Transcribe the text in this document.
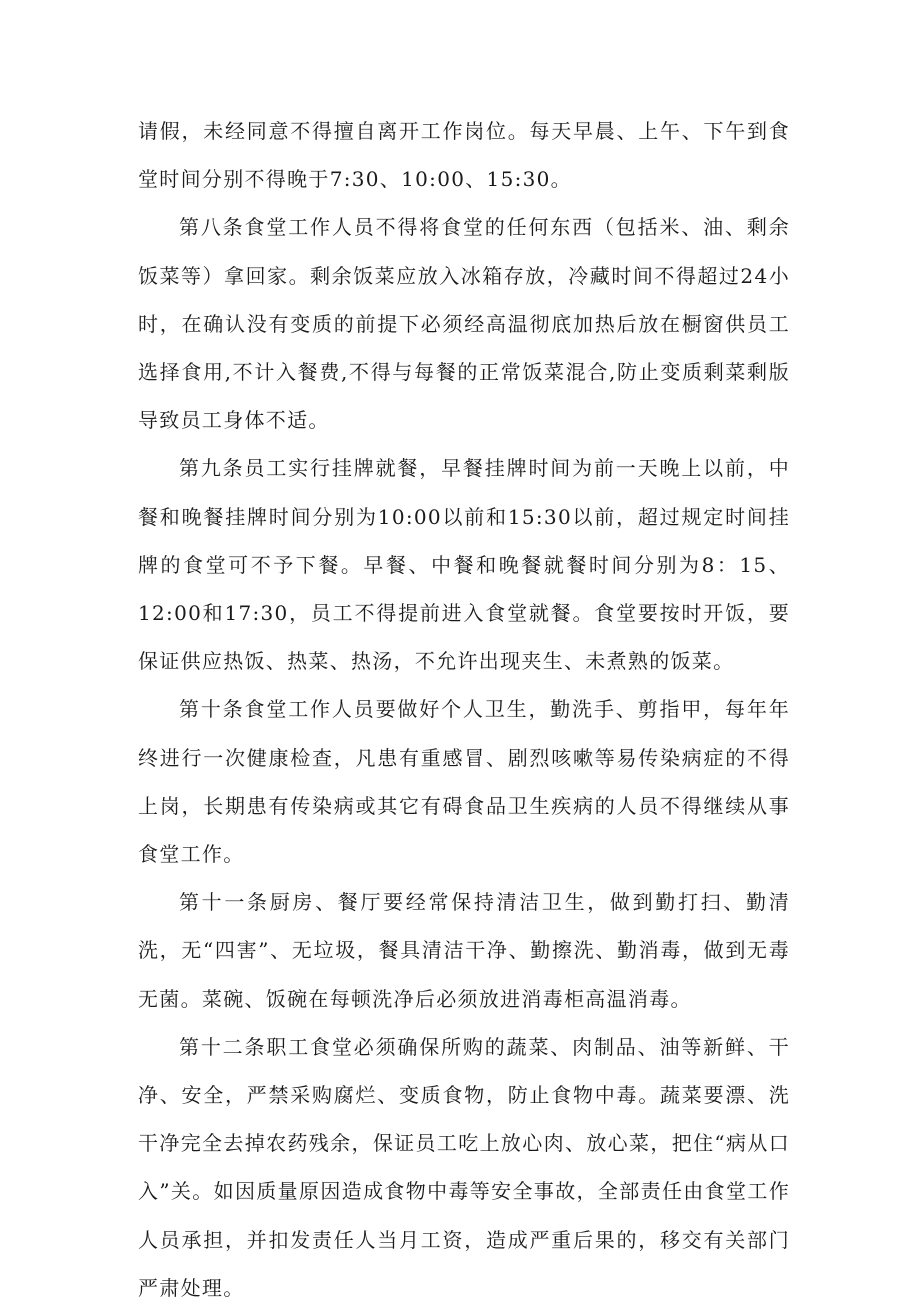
请假，未经同意不得擅自离开工作岗位。每天早晨、上午、下午到食堂时间分别不得晚于7:30、10:00、15:30。

第八条食堂工作人员不得将食堂的任何东西（包括米、油、剩余饭菜等）拿回家。剩余饭菜应放入冰箱存放，冷藏时间不得超过24小时，在确认没有变质的前提下必须经高温彻底加热后放在橱窗供员工选择食用,不计入餐费,不得与每餐的正常饭菜混合,防止变质剩菜剩版导致员工身体不适。

第九条员工实行挂牌就餐，早餐挂牌时间为前一天晚上以前，中餐和晚餐挂牌时间分别为10:00以前和15:30以前，超过规定时间挂牌的食堂可不予下餐。早餐、中餐和晚餐就餐时间分别为8：15、12:00和17:30，员工不得提前进入食堂就餐。食堂要按时开饭，要保证供应热饭、热菜、热汤，不允许出现夹生、未煮熟的饭菜。

第十条食堂工作人员要做好个人卫生，勤洗手、剪指甲，每年年终进行一次健康检查，凡患有重感冒、剧烈咳嗽等易传染病症的不得上岗，长期患有传染病或其它有碍食品卫生疾病的人员不得继续从事食堂工作。

第十一条厨房、餐厅要经常保持清洁卫生，做到勤打扫、勤清洗，无“四害”、无垃圾，餐具清洁干净、勤擦洗、勤消毒，做到无毒无菌。菜碗、饭碗在每顿洗净后必须放进消毒柜高温消毒。

第十二条职工食堂必须确保所购的蔬菜、肉制品、油等新鲜、干净、安全，严禁采购腐烂、变质食物，防止食物中毒。蔬菜要漂、洗干净完全去掉农药残余，保证员工吃上放心肉、放心菜，把住“病从口入”关。如因质量原因造成食物中毒等安全事故，全部责任由食堂工作人员承担，并扣发责任人当月工资，造成严重后果的，移交有关部门严肃处理。
